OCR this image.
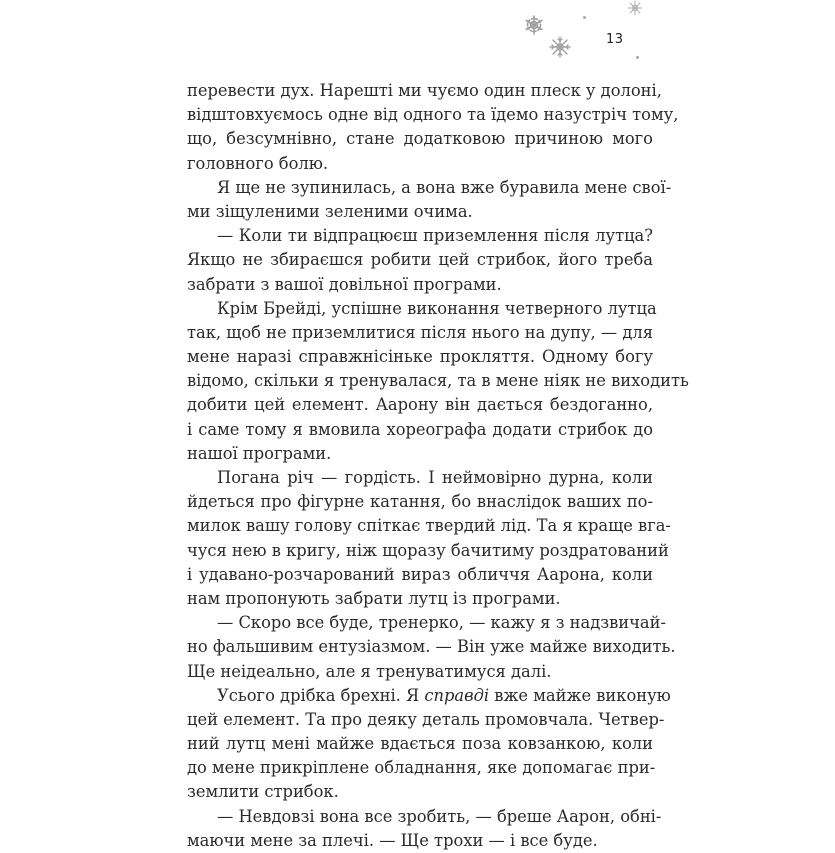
13
перевести дух. Нарешті ми чуємо один плеск у долоні,
відштовхуємось одне від одного та їдемо назустріч тому,
що, безсумнівно, стане додатковою причиною мого
головного болю.
Я ще не зупинилась, а вона вже буравила мене свої-
ми зіщуленими зеленими очима.
— Коли ти відпрацюєш приземлення після лутца?
Якщо не збираєшся робити цей стрибок, його треба
забрати з вашої довільної програми.
Крім Брейді, успішне виконання четверного лутца
так, щоб не приземлитися після нього на дупу, — для
мене наразі справжнісінькe прокляття. Одному богу
відомо, скільки я тренувалася, та в мене ніяк не виходить
добити цей елемент. Аарону він дається бездоганно,
і саме тому я вмовила хореографа додати стрибок до
нашої програми.
Погана річ — гордість. І неймовірно дурна, коли
йдеться про фігурне катання, бо внаслідок ваших по-
милок вашу голову спіткає твердий лід. Та я краще вга-
чуся нею в кригу, ніж щоразу бачитиму роздратований
і удавано-розчарований вираз обличчя Аарона, коли
нам пропонують забрати лутц із програми.
— Скоро все буде, тренерко, — кажу я з надзвичай-
но фальшивим ентузіазмом. — Він уже майже виходить.
Ще неідеально, але я тренуватимуся далі.
Усього дрібка брехні. Я справді вже майже виконую
цей елемент. Та про деяку деталь промовчала. Четвер-
ний лутц мені майже вдається поза ковзанкою, коли
до мене прикріплене обладнання, яке допомагає при-
землити стрибок.
— Невдовзі вона все зробить, — бреше Аарон, обні-
маючи мене за плечі. — Ще трохи — і все буде.
